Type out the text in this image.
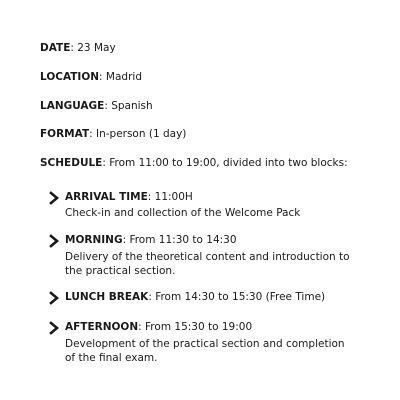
DATE: 23 May
LOCATION: Madrid
LANGUAGE: Spanish
FORMAT: In-person (1 day)
SCHEDULE: From 11:00 to 19:00, divided into two blocks:
ARRIVAL TIME: 11:00H
Check-in and collection of the Welcome Pack
MORNING: From 11:30 to 14:30
Delivery of the theoretical content and introduction to the practical section.
LUNCH BREAK: From 14:30 to 15:30 (Free Time)
AFTERNOON: From 15:30 to 19:00
Development of the practical section and completion of the final exam.
